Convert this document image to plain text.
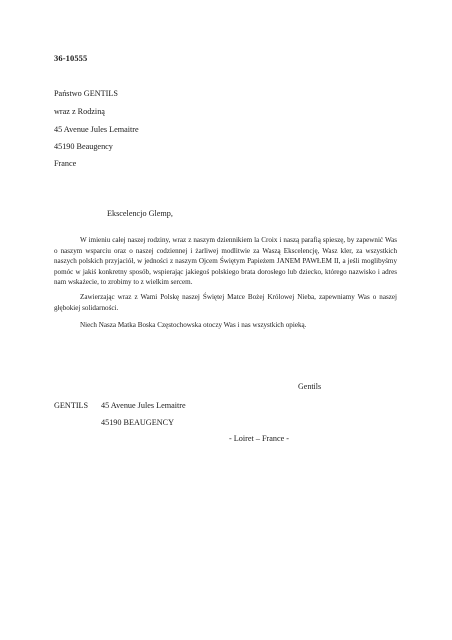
36-10555
Państwo GENTILS
wraz z Rodziną
45 Avenue Jules Lemaitre
45190 Beaugency
France
Ekscelencjo Glemp,

W imieniu całej naszej rodziny, wraz z naszym dziennikiem la Croix i naszą parafią spieszę, by zapewnić Was o naszym wsparciu oraz o naszej codziennej i żarliwej modlitwie za Waszą Ekscelencję, Wasz kler, za wszystkich naszych polskich przyjaciół, w jedności z naszym Ojcem Świętym Papieżem JANEM PAWŁEM II, a jeśli moglibyśmy pomóc w jakiś konkretny sposób, wspierając jakiegoś polskiego brata dorosłego lub dziecko, którego nazwisko i adres nam wskażecie, to zrobimy to z wielkim sercem.

Zawierzając wraz z Wami Polskę naszej Świętej Matce Bożej Królowej Nieba, zapewniamy Was o naszej głębokiej solidarności.

Niech Nasza Matka Boska Częstochowska otoczy Was i nas wszystkich opieką.

Gentils
GENTILS 45 Avenue Jules Lemaitre
45190 BEAUGENCY
- Loiret – France -
